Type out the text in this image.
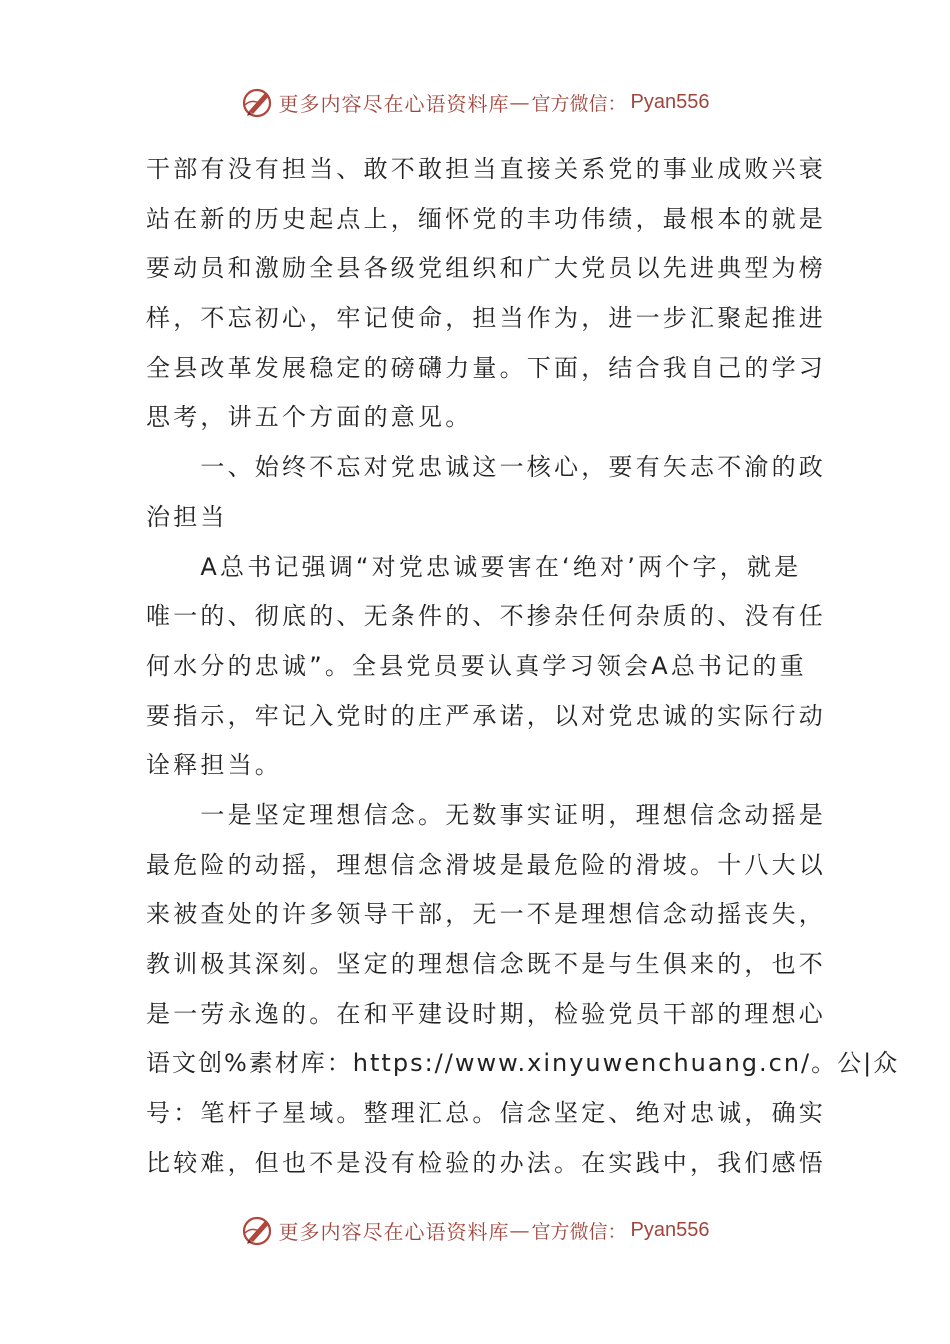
更多内容尽在心语资料库 — 官方微信： Pyan556
干部有没有担当、敢不敢担当直接关系党的事业成败兴衰
站在新的历史起点上，缅怀党的丰功伟绩，最根本的就是
要动员和激励全县各级党组织和广大党员以先进典型为榜
样，不忘初心，牢记使命，担当作为，进一步汇聚起推进
全县改革发展稳定的磅礴力量。下面，结合我自己的学习
思考，讲五个方面的意见。
　　一、始终不忘对党忠诚这一核心，要有矢志不渝的政
治担当
　　A总书记强调“对党忠诚要害在‘绝对’两个字，就是
唯一的、彻底的、无条件的、不掺杂任何杂质的、没有任
何水分的忠诚”。全县党员要认真学习领会A总书记的重
要指示，牢记入党时的庄严承诺，以对党忠诚的实际行动
诠释担当。
　　一是坚定理想信念。无数事实证明，理想信念动摇是
最危险的动摇，理想信念滑坡是最危险的滑坡。十八大以
来被查处的许多领导干部，无一不是理想信念动摇丧失，
教训极其深刻。坚定的理想信念既不是与生俱来的，也不
是一劳永逸的。在和平建设时期，检验党员干部的理想心
语文创%素材库：https://www.xinyuwenchuang.cn/。公|众
号：笔杆子星域。整理汇总。信念坚定、绝对忠诚，确实
比较难，但也不是没有检验的办法。在实践中，我们感悟
更多内容尽在心语资料库 — 官方微信： Pyan556
